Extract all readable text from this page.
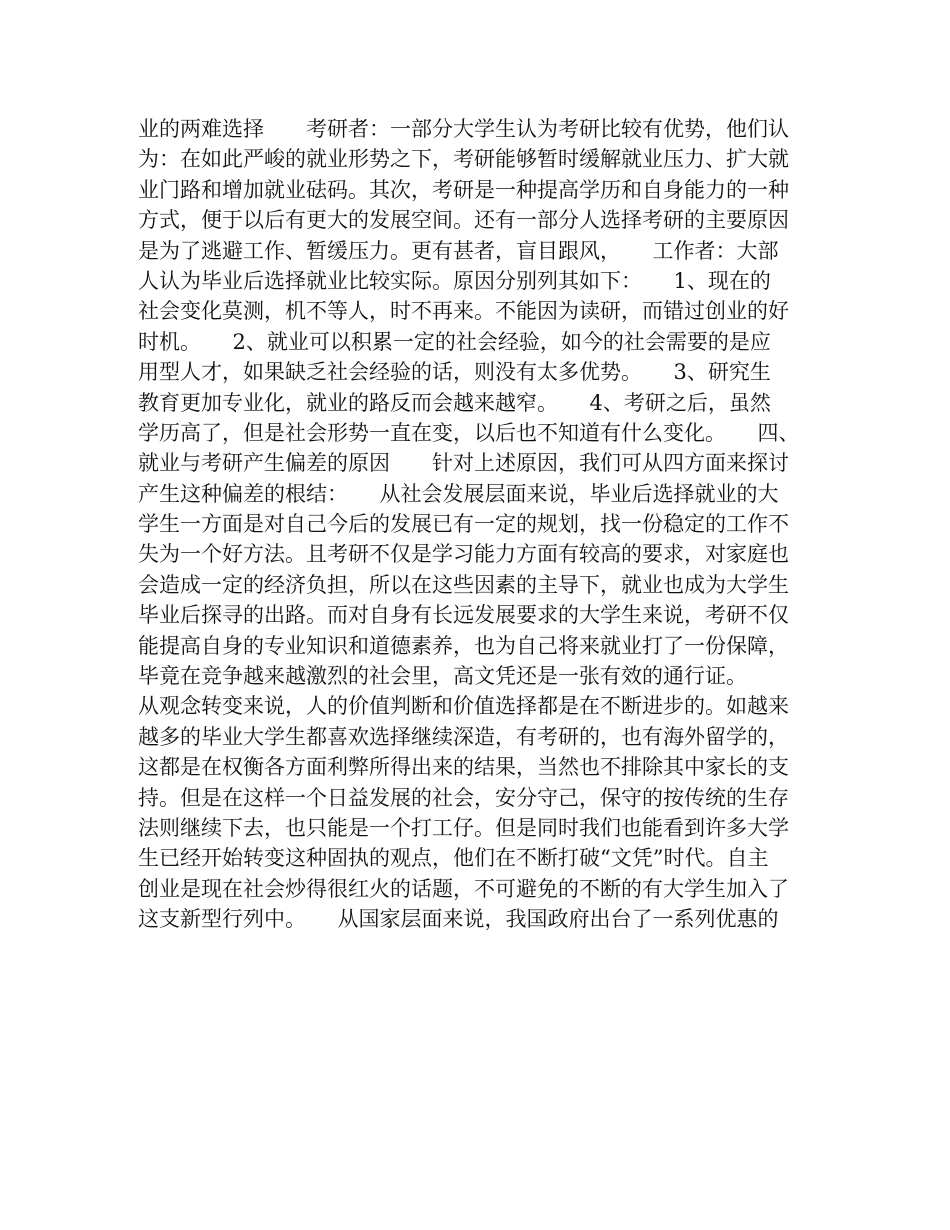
业的两难选择　　考研者：一部分大学生认为考研比较有优势，他们认

为：在如此严峻的就业形势之下，考研能够暂时缓解就业压力、扩大就

业门路和增加就业砝码。其次，考研是一种提高学历和自身能力的一种

方式，便于以后有更大的发展空间。还有一部分人选择考研的主要原因

是为了逃避工作、暂缓压力。更有甚者，盲目跟风，　　工作者：大部

人认为毕业后选择就业比较实际。原因分别列其如下：　　1、现在的

社会变化莫测，机不等人，时不再来。不能因为读研，而错过创业的好

时机。　　2、就业可以积累一定的社会经验，如今的社会需要的是应

用型人才，如果缺乏社会经验的话，则没有太多优势。　　3、研究生

教育更加专业化，就业的路反而会越来越窄。　　4、考研之后，虽然

学历高了，但是社会形势一直在变，以后也不知道有什么变化。　　四、

就业与考研产生偏差的原因　　针对上述原因，我们可从四方面来探讨

产生这种偏差的根结：　　从社会发展层面来说，毕业后选择就业的大

学生一方面是对自己今后的发展已有一定的规划，找一份稳定的工作不

失为一个好方法。且考研不仅是学习能力方面有较高的要求，对家庭也

会造成一定的经济负担，所以在这些因素的主导下，就业也成为大学生

毕业后探寻的出路。而对自身有长远发展要求的大学生来说，考研不仅

能提高自身的专业知识和道德素养，也为自己将来就业打了一份保障，

毕竟在竞争越来越激烈的社会里，高文凭还是一张有效的通行证。

从观念转变来说，人的价值判断和价值选择都是在不断进步的。如越来

越多的毕业大学生都喜欢选择继续深造，有考研的，也有海外留学的，

这都是在权衡各方面利弊所得出来的结果，当然也不排除其中家长的支

持。但是在这样一个日益发展的社会，安分守己，保守的按传统的生存

法则继续下去，也只能是一个打工仔。但是同时我们也能看到许多大学

生已经开始转变这种固执的观点，他们在不断打破“文凭”时代。自主

创业是现在社会炒得很红火的话题，不可避免的不断的有大学生加入了

这支新型行列中。　　从国家层面来说，我国政府出台了一系列优惠的
